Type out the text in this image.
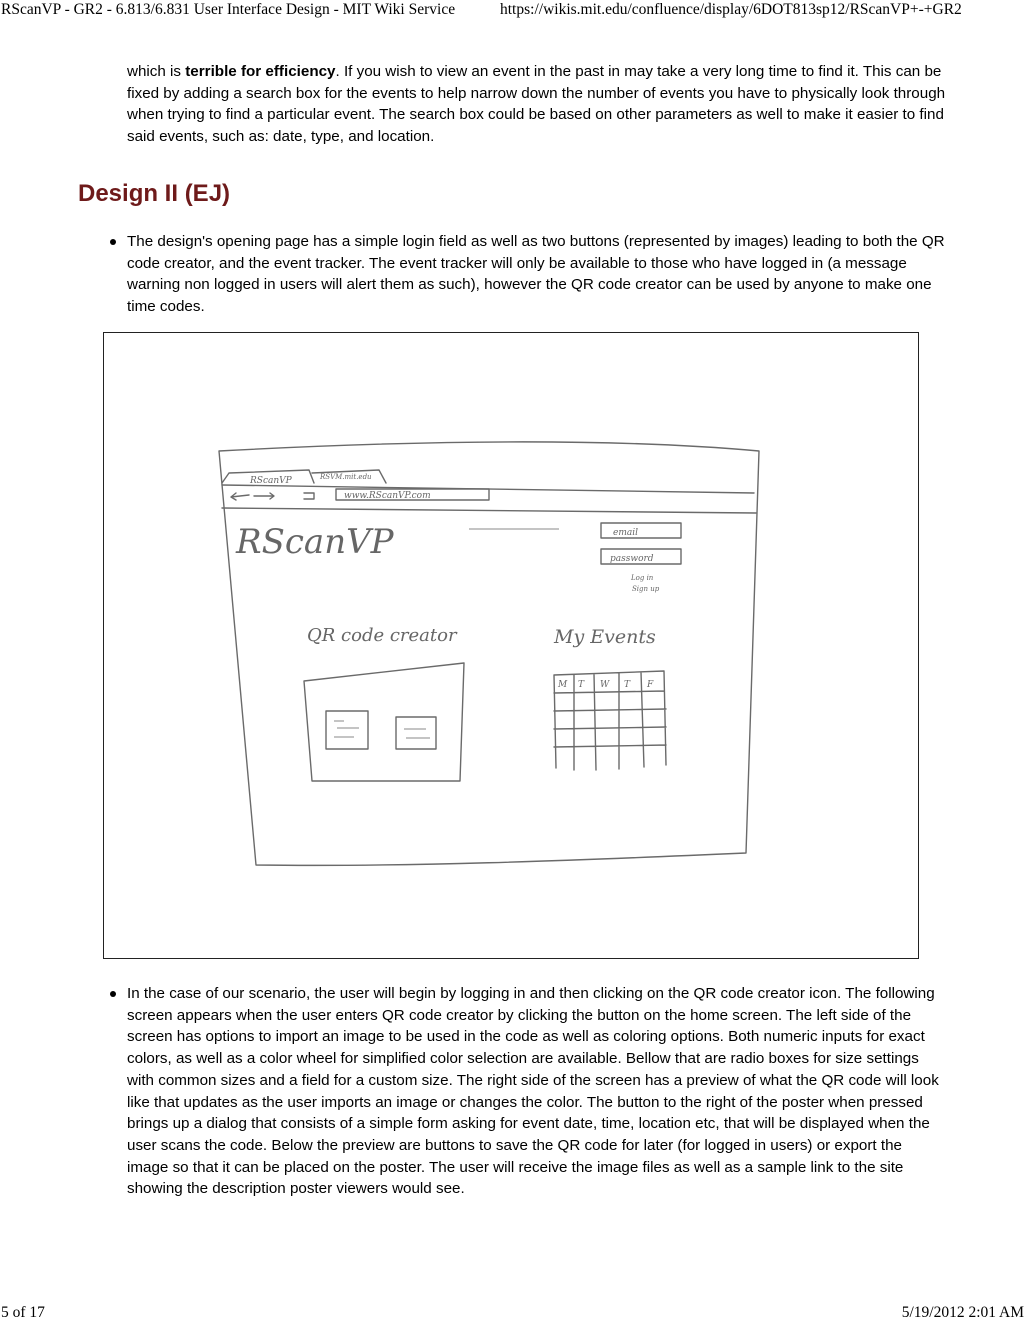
RScanVP - GR2 - 6.813/6.831 User Interface Design - MIT Wiki Service	https://wikis.mit.edu/confluence/display/6DOT813sp12/RScanVP+-+GR2
which is terrible for efficiency. If you wish to view an event in the past in may take a very long time to find it. This can be fixed by adding a search box for the events to help narrow down the number of events you have to physically look through when trying to find a particular event. The search box could be based on other parameters as well to make it easier to find said events, such as: date, type, and location.
Design II (EJ)
The design's opening page has a simple login field as well as two buttons (represented by images) leading to both the QR code creator, and the event tracker. The event tracker will only be available to those who have logged in (a message warning non logged in users will alert them as such), however the QR code creator can be used by anyone to make one time codes.
RScanVP	RSVM.mit.edu
www.RScanVP.com
RScanVP	email
password
Log in
Sign up
QR code creator	My Events
M T W T F
In the case of our scenario, the user will begin by logging in and then clicking on the QR code creator icon. The following screen appears when the user enters QR code creator by clicking the button on the home screen. The left side of the screen has options to import an image to be used in the code as well as coloring options. Both numeric inputs for exact colors, as well as a color wheel for simplified color selection are available. Bellow that are radio boxes for size settings with common sizes and a field for a custom size. The right side of the screen has a preview of what the QR code will look like that updates as the user imports an image or changes the color. The button to the right of the poster when pressed brings up a dialog that consists of a simple form asking for event date, time, location etc, that will be displayed when the user scans the code. Below the preview are buttons to save the QR code for later (for logged in users) or export the image so that it can be placed on the poster. The user will receive the image files as well as a sample link to the site showing the description poster viewers would see.
5 of 17	5/19/2012 2:01 AM
